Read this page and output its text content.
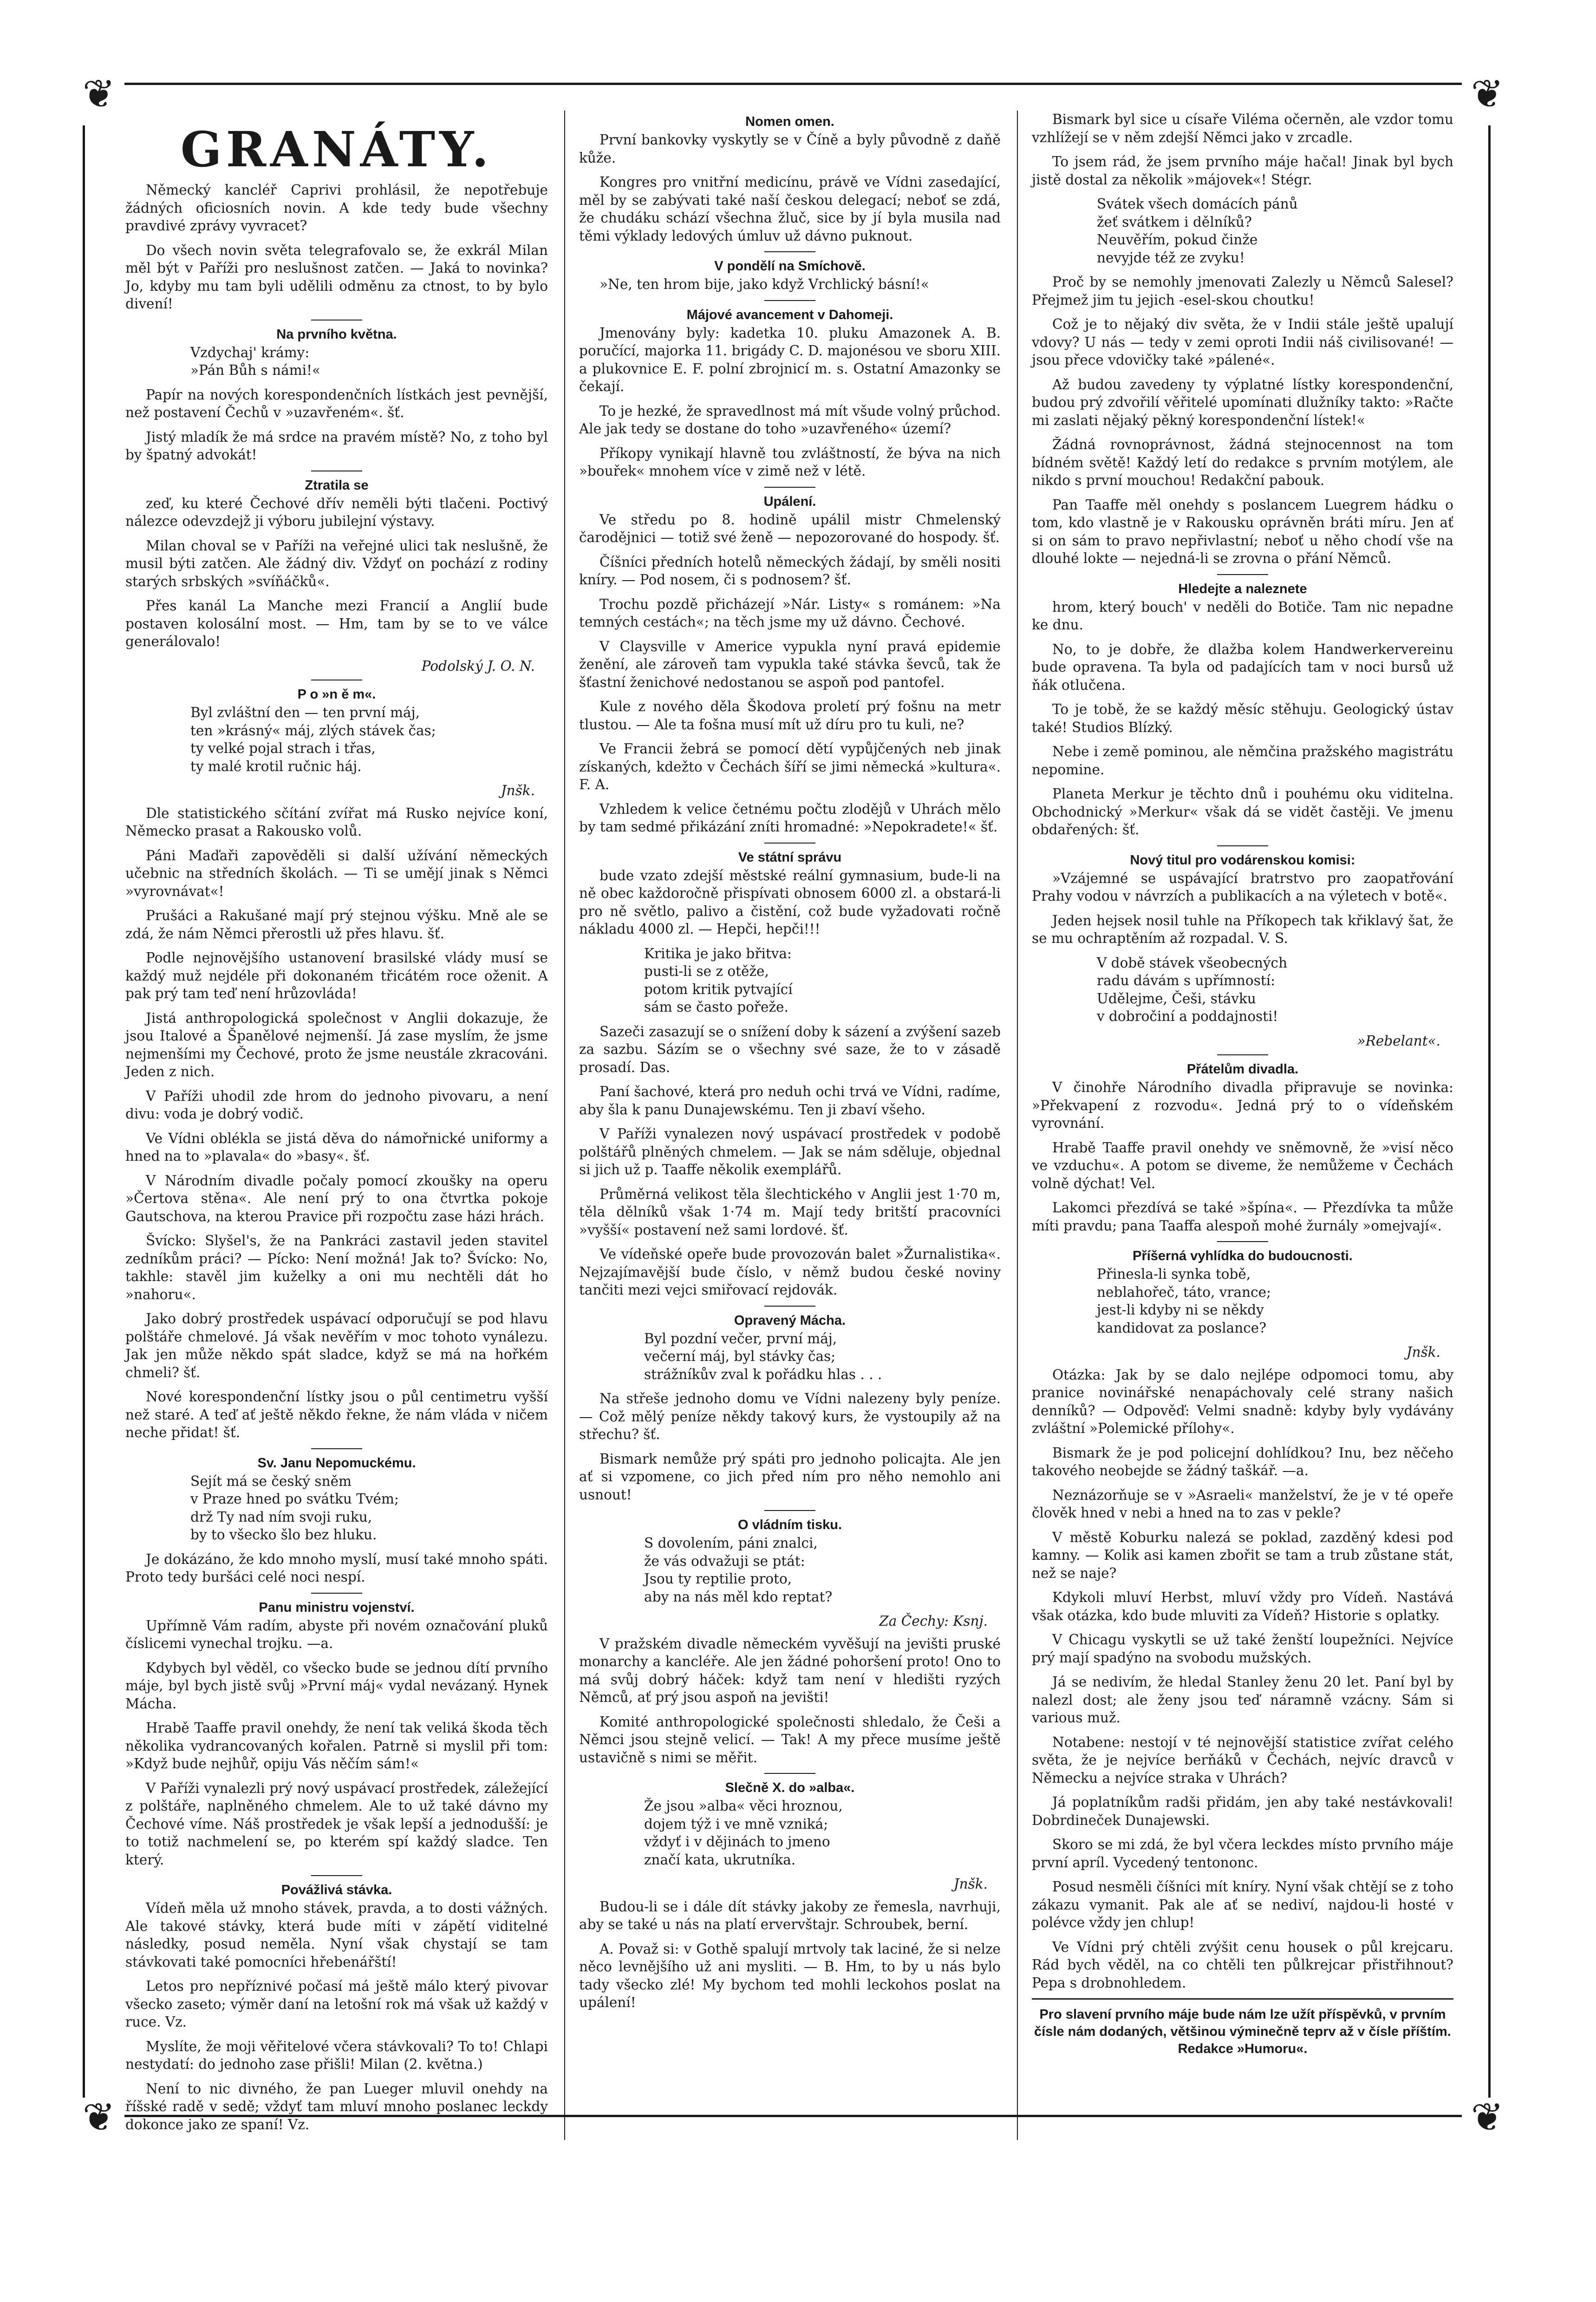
❦	❦
❦	❦
GRANÁTY.
Německý kancléř Caprivi prohlásil, že nepotřebuje žádných oficiosních novin. A kde tedy bude všechny pravdivé zprávy vyvracet?
Do všech novin světa telegrafovalo se, že exkrál Milan měl být v Paříži pro neslušnost zatčen. — Jaká to novinka? Jo, kdyby mu tam byli udělili odměnu za ctnost, to by bylo divení!
Na prvního května.
Vzdychaj' krámy:
»Pán Bůh s námi!«
Papír na nových korespondenčních lístkách jest pevnější, než postavení Čechů v »uzavřeném«. šť.
Jistý mladík že má srdce na pravém místě? No, z toho byl by špatný advokát!
Ztratila se
zeď, ku které Čechové dřív neměli býti tlačeni. Poctivý nálezce odevzdejž ji výboru jubilejní výstavy.
Milan choval se v Paříži na veřejné ulici tak neslušně, že musil býti zatčen. Ale žádný div. Vždyť on pochází z rodiny starých srbských »svíňáčků«.
Přes kanál La Manche mezi Francií a Anglií bude postaven kolosální most. — Hm, tam by se to ve válce generálovalo!
Podolský J. O. N.
P o »n ě m«.
Byl zvláštní den — ten první máj,
ten »krásný« máj, zlých stávek čas;
ty velké pojal strach i třas,
ty malé krotil ručnic háj.
Jnšk.
Dle statistického sčítání zvířat má Rusko nejvíce koní, Německo prasat a Rakousko volů.
Páni Maďaři zapověděli si další užívání německých učebnic na středních školách. — Ti se umějí jinak s Němci »vyrovnávat«!
Prušáci a Rakušané mají prý stejnou výšku. Mně ale se zdá, že nám Němci přerostli už přes hlavu. šť.
Podle nejnovějšího ustanovení brasilské vlády musí se každý muž nejdéle při dokonaném třicátém roce oženit. A pak prý tam teď není hrůzovláda!
Jistá anthropologická společnost v Anglii dokazuje, že jsou Italové a Španělové nejmenší. Já zase myslím, že jsme nejmenšími my Čechové, proto že jsme neustále zkracováni. Jeden z nich.
V Paříži uhodil zde hrom do jednoho pivovaru, a není divu: voda je dobrý vodič.
Ve Vídni oblékla se jistá děva do námořnické uniformy a hned na to »plavala« do »basy«. šť.
V Národním divadle počaly pomocí zkoušky na operu »Čertova stěna«. Ale není prý to ona čtvrtka pokoje Gautschova, na kterou Pravice při rozpočtu zase házi hrách.
Švícko: Slyšel's, že na Pankráci zastavil jeden stavitel zedníkům práci? — Pícko: Není možná! Jak to? Švícko: No, takhle: stavěl jim kuželky a oni mu nechtěli dát ho »nahoru«.
Jako dobrý prostředek uspávací odporučují se pod hlavu polštáře chmelové. Já však nevěřím v moc tohoto vynálezu. Jak jen může někdo spát sladce, když se má na hořkém chmeli? šť.
Nové korespondenční lístky jsou o půl centimetru vyšší než staré. A teď ať ještě někdo řekne, že nám vláda v ničem neche přidat! šť.
Sv. Janu Nepomuckému.
Sejít má se český sněm
v Praze hned po svátku Tvém;
drž Ty nad ním svoji ruku,
by to všecko šlo bez hluku.
Je dokázáno, že kdo mnoho myslí, musí také mnoho spáti. Proto tedy buršáci celé noci nespí.
Panu ministru vojenství.
Upřímně Vám radím, abyste při novém označování pluků číslicemi vynechal trojku. —a.
Kdybych byl věděl, co všecko bude se jednou dítí prvního máje, byl bych jistě svůj »První máj« vydal nevázaný. Hynek Mácha.
Hrabě Taaffe pravil onehdy, že není tak veliká škoda těch několika vydrancovaných kořalen. Patrně si myslil při tom: »Když bude nejhůř, opiju Vás něčím sám!«
V Paříži vynalezli prý nový uspávací prostředek, záležející z polštáře, naplněného chmelem. Ale to už také dávno my Čechové víme. Náš prostředek je však lepší a jednodušší: je to totiž nachmelení se, po kterém spí každý sladce. Ten který.
Povážlivá stávka.
Vídeň měla už mnoho stávek, pravda, a to dosti vážných. Ale takové stávky, která bude míti v zápětí viditelné následky, posud neměla. Nyní však chystají se tam stávkovati také pomocníci hřebenářští!
Letos pro nepříznivé počasí má ještě málo který pivovar všecko zaseto; výměr daní na letošní rok má však už každý v ruce. Vz.
Myslíte, že moji věřitelové včera stávkovali? To to! Chlapi nestydatí: do jednoho zase přišli! Milan (2. května.)
Není to nic divného, že pan Lueger mluvil onehdy na říšské radě v sedě; vždyť tam mluví mnoho poslanec leckdy dokonce jako ze spaní! Vz.
Nomen omen.
První bankovky vyskytly se v Číně a byly původně z daňě kůže.
Kongres pro vnitřní medicínu, právě ve Vídni zasedající, měl by se zabývati také naší českou delegací; neboť se zdá, že chudáku schází všechna žluč, sice by jí byla musila nad těmi výklady ledových úmluv už dávno puknout.
V pondělí na Smíchově.
»Ne, ten hrom bije, jako když Vrchlický básní!«
Májové avancement v Dahomeji.
Jmenovány byly: kadetka 10. pluku Amazonek A. B. poručící, majorka 11. brigády C. D. majonésou ve sboru XIII. a plukovnice E. F. polní zbrojnicí m. s. Ostatní Amazonky se čekají.
To je hezké, že spravedlnost má mít všude volný průchod. Ale jak tedy se dostane do toho »uzavřeného« území?
Příkopy vynikají hlavně tou zvláštností, že býva na nich »bouřek« mnohem více v zimě než v létě.
Upálení.
Ve středu po 8. hodině upálil mistr Chmelenský čarodějnici — totiž své ženě — nepozorované do hospody. šť.
Číšníci předních hotelů německých žádají, by směli nositi kníry. — Pod nosem, či s podnosem? šť.
Trochu pozdě přicházejí »Nár. Listy« s románem: »Na temných cestách«; na těch jsme my už dávno. Čechové.
V Claysville v Americe vypukla nyní pravá epidemie ženění, ale zároveň tam vypukla také stávka ševců, tak že šťastní ženichové nedostanou se aspoň pod pantofel.
Kule z nového děla Škodova proletí prý fošnu na metr tlustou. — Ale ta fošna musí mít už díru pro tu kuli, ne?
Ve Francii žebrá se pomocí dětí vypůjčených neb jinak získaných, kdežto v Čechách šíří se jimi německá »kultura«. F. A.
Vzhledem k velice četnému počtu zlodějů v Uhrách mělo by tam sedmé přikázání zníti hromadné: »Nepokradete!« šť.
Ve státní správu
bude vzato zdejší městské reální gymnasium, bude-li na ně obec každoročně přispívati obnosem 6000 zl. a obstará-li pro ně světlo, palivo a čistění, což bude vyžadovati ročně nákladu 4000 zl. — Hepči, hepči!!!
Kritika je jako břitva:
pusti-li se z otěže,
potom kritik pytvající
sám se často pořeže.
Sazeči zasazují se o snížení doby k sázení a zvýšení sazeb za sazbu. Sázím se o všechny své saze, že to v zásadě prosadí. Das.
Paní šachové, která pro neduh ochi trvá ve Vídni, radíme, aby šla k panu Dunajewskému. Ten ji zbaví všeho.
V Paříži vynalezen nový uspávací prostředek v podobě polštářů plněných chmelem. — Jak se nám sděluje, objednal si jich už p. Taaffe několik exemplářů.
Průměrná velikost těla šlechtického v Anglii jest 1·70 m, těla dělníků však 1·74 m. Mají tedy britští pracovníci »vyšší« postavení než sami lordové. šť.
Ve vídeňské opeře bude provozován balet »Žurnalistika«. Nejzajímavější bude číslo, v němž budou české noviny tančiti mezi vejci smiřovací rejdovák.
Opravený Mácha.
Byl pozdní večer, první máj,
večerní máj, byl stávky čas;
strážníkův zval k pořádku hlas . . .
Na střeše jednoho domu ve Vídni nalezeny byly peníze. — Což mělý peníze někdy takový kurs, že vystoupily až na střechu? šť.
Bismark nemůže prý spáti pro jednoho policajta. Ale jen ať si vzpomene, co jich před ním pro něho nemohlo ani usnout!
O vládním tisku.
S dovolením, páni znalci,
že vás odvažuji se ptát:
Jsou ty reptilie proto,
aby na nás měl kdo reptat?
Za Čechy: Ksnj.
V pražském divadle německém vyvěšují na jevišti pruské monarchy a kancléře. Ale jen žádné pohoršení proto! Ono to má svůj dobrý háček: když tam není v hledišti ryzých Němců, ať prý jsou aspoň na jevišti!
Komité anthropologické společnosti shledalo, že Češi a Němci jsou stejně velicí. — Tak! A my přece musíme ještě ustavičně s nimi se měřit.
Slečně X. do »alba«.
Že jsou »alba« věci hroznou,
dojem týž i ve mně vzniká;
vždyť i v dějinách to jmeno
značí kata, ukrutníka.
Jnšk.
Budou-li se i dále dít stávky jakoby ze řemesla, navrhuji, aby se také u nás na platí ervervštajr. Schroubek, berní.
A. Považ si: v Gothě spalují mrtvoly tak laciné, že si nelze něco levnějšího už ani mysliti. — B. Hm, to by u nás bylo tady všecko zlé! My bychom ted mohli leckohos poslat na upálení!
Bismark byl sice u císaře Viléma očerněn, ale vzdor tomu vzhlížejí se v něm zdejší Němci jako v zrcadle.
To jsem rád, že jsem prvního máje hačal! Jinak byl bych jistě dostal za několik »májovek«! Stégr.
Svátek všech domácích pánů
žeť svátkem i dělníků?
Neuvěřím, pokud činže
nevyjde též ze zvyku!
Proč by se nemohly jmenovati Zalezly u Němců Salesel? Přejmež jim tu jejich -esel-skou choutku!
Což je to nějaký div světa, že v Indii stále ještě upalují vdovy? U nás — tedy v zemi oproti Indii náš civilisované! — jsou přece vdovičky také »pálené«.
Až budou zavedeny ty výplatné lístky korespondenční, budou prý zdvořilí věřitelé upomínati dlužníky takto: »Račte mi zaslati nějaký pěkný korespondenční lístek!«
Žádná rovnoprávnost, žádná stejnocennost na tom bídném světě! Každý letí do redakce s prvním motýlem, ale nikdo s první mouchou! Redakční pabouk.
Pan Taaffe měl onehdy s poslancem Luegrem hádku o tom, kdo vlastně je v Rakousku oprávněn bráti míru. Jen ať si on sám to pravo nepřivlastní; neboť u něho chodí vše na dlouhé lokte — nejedná-li se zrovna o přání Němců.
Hledejte a naleznete
hrom, který bouch' v neděli do Botiče. Tam nic nepadne ke dnu.
No, to je dobře, že dlažba kolem Handwerkervereinu bude opravena. Ta byla od padajících tam v noci bursů už ňák otlučena.
To je tobě, že se každý měsíc stěhuju. Geologický ústav také! Studios Blízký.
Nebe i země pominou, ale němčina pražského magistrátu nepomine.
Planeta Merkur je těchto dnů i pouhému oku viditelna. Obchodnický »Merkur« však dá se vidět častěji. Ve jmenu obdařených: šť.
Nový titul pro vodárenskou komisi:
»Vzájemné se uspávající bratrstvo pro zaopatřování Prahy vodou v návrzích a publikacích a na výletech v botě«.
Jeden hejsek nosil tuhle na Příkopech tak křiklavý šat, že se mu ochraptěním až rozpadal. V. S.
V době stávek všeobecných
radu dávám s upřímností:
Udělejme, Češi, stávku
v dobročiní a poddajnosti!
»Rebelant«.
Přátelům divadla.
V činohře Národního divadla připravuje se novinka: »Překvapení z rozvodu«. Jedná prý to o vídeňském vyrovnání.
Hrabě Taaffe pravil onehdy ve sněmovně, že »visí něco ve vzduchu«. A potom se diveme, že nemůžeme v Čechách volně dýchat! Vel.
Lakomci přezdívá se také »špína«. — Přezdívka ta může míti pravdu; pana Taaffa alespoň mohé žurnály »omejvají«.
Příšerná vyhlídka do budoucnosti.
Přinesla-li synka tobě,
neblahořeč, táto, vrance;
jest-li kdyby ni se někdy
kandidovat za poslance?
Jnšk.
Otázka: Jak by se dalo nejlépe odpomoci tomu, aby pranice novinářské nenapáchovaly celé strany našich denníků? — Odpověď: Velmi snadně: kdyby byly vydávány zvláštní »Polemické přílohy«.
Bismark že je pod policejní dohlídkou? Inu, bez něčeho takového neobejde se žádný taškář. —a.
Neznázorňuje se v »Asraeli« manželství, že je v té opeře člověk hned v nebi a hned na to zas v pekle?
V městě Koburku nalezá se poklad, zazděný kdesi pod kamny. — Kolik asi kamen zbořit se tam a trub zůstane stát, než se naje?
Kdykoli mluví Herbst, mluví vždy pro Vídeň. Nastává však otázka, kdo bude mluviti za Vídeň? Historie s oplatky.
V Chicagu vyskytli se už také ženští loupežníci. Nejvíce prý mají spadýno na svobodu mužských.
Já se nedivím, že hledal Stanley ženu 20 let. Paní byl by nalezl dost; ale ženy jsou teď náramně vzácny. Sám si various muž.
Notabene: nestojí v té nejnovější statistice zvířat celého světa, že je nejvíce berňáků v Čechách, nejvíc dravců v Německu a nejvíce straka v Uhrách?
Já poplatníkům radši přidám, jen aby také nestávkovali! Dobrdineček Dunajewski.
Skoro se mi zdá, že byl včera leckdes místo prvního máje první apríl. Vycedený tentononc.
Posud nesměli číšníci mít kníry. Nyní však chtějí se z toho zákazu vymanit. Pak ale ať se nediví, najdou-li hosté v polévce vždy jen chlup!
Ve Vídni prý chtěli zvýšit cenu housek o půl krejcaru. Rád bych věděl, na co chtěli ten půlkrejcar přistřihnout? Pepa s drobnohledem.
Pro slavení prvního máje bude nám lze užít příspěvků, v prvním čísle nám dodaných, většinou výminečně teprv až v čísle příštím. Redakce »Humoru«.
